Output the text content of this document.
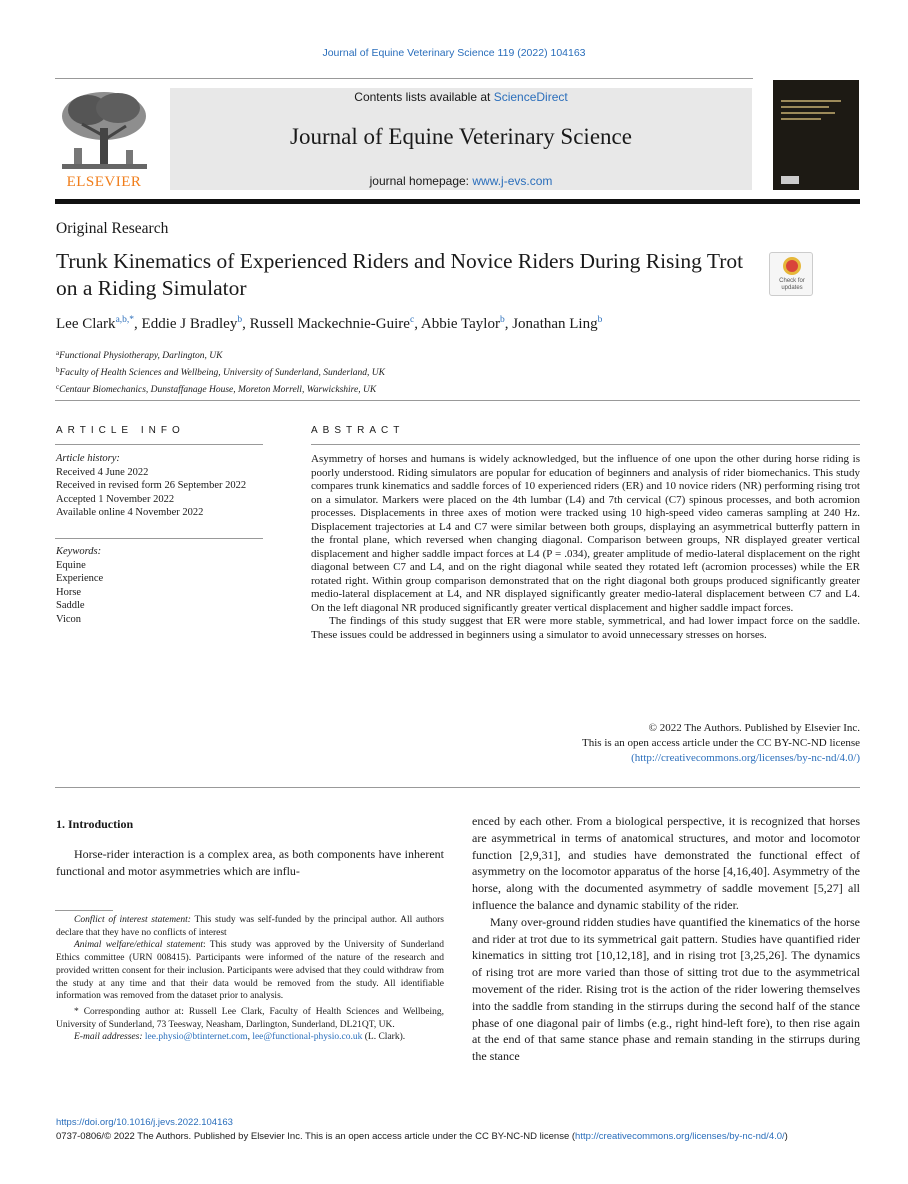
Journal of Equine Veterinary Science 119 (2022) 104163
ELSEVIER
Contents lists available at ScienceDirect
Journal of Equine Veterinary Science
journal homepage: www.j-evs.com
Original Research
Trunk Kinematics of Experienced Riders and Novice Riders During Rising Trot on a Riding Simulator	Check for updates
Lee Clark$^{a,b,*}$, Eddie J Bradley$^b$, Russell Mackechnie-Guire$^c$, Abbie Taylor$^b$, Jonathan Ling$^b$
$^a$Functional Physiotherapy, Darlington, UK
$^b$Faculty of Health Sciences and Wellbeing, University of Sunderland, Sunderland, UK
$^c$Centaur Biomechanics, Dunstaffanage House, Moreton Morrell, Warwickshire, UK
ARTICLE INFO	ABSTRACT
Article history:
Received 4 June 2022
Received in revised form 26 September 2022
Accepted 1 November 2022
Available online 4 November 2022
Keywords:
Equine
Experience
Horse
Saddle
Vicon

Asymmetry of horses and humans is widely acknowledged, but the influence of one upon the other during horse riding is poorly understood. Riding simulators are popular for education of beginners and analysis of rider biomechanics. This study compares trunk kinematics and saddle forces of 10 experienced riders (ER) and 10 novice riders (NR) performing rising trot on a simulator. Markers were placed on the 4th lumbar (L4) and 7th cervical (C7) spinous processes, and both acromion processes. Displacements in three axes of motion were tracked using 10 high-speed video cameras sampling at 240 Hz. Displacement trajectories at L4 and C7 were similar between both groups, displaying an asymmetrical butterfly pattern in the frontal plane, which reversed when changing diagonal. Comparison between groups, NR displayed greater vertical displacement and higher saddle impact forces at L4 (P = .034), greater amplitude of medio-lateral displacement on the right diagonal between C7 and L4, and on the right diagonal while seated they rotated left (acromion processes) while the ER rotated right. Within group comparison demonstrated that on the right diagonal both groups produced significantly greater medio-lateral displacement at L4, and NR displayed significantly greater medio-lateral displacement between C7 and L4. On the left diagonal NR produced significantly greater vertical displacement and higher saddle impact forces.

The findings of this study suggest that ER were more stable, symmetrical, and had lower impact force on the saddle. These issues could be addressed in beginners using a simulator to avoid unnecessary stresses on horses.

© 2022 The Authors. Published by Elsevier Inc.
This is an open access article under the CC BY-NC-ND license
(http://creativecommons.org/licenses/by-nc-nd/4.0/)
1. Introduction
Horse-rider interaction is a complex area, as both components have inherent functional and motor asymmetries which are influ-

Conflict of interest statement: This study was self-funded by the principal author. All authors declare that they have no conflicts of interest

Animal welfare/ethical statement: This study was approved by the University of Sunderland Ethics committee (URN 008415). Participants were informed of the nature of the research and provided written consent for their inclusion. Participants were advised that they could withdraw from the study at any time and that their data would be removed from the study. All identifiable information was removed from the dataset prior to analysis.

* Corresponding author at: Russell Lee Clark, Faculty of Health Sciences and Wellbeing, University of Sunderland, 73 Teesway, Neasham, Darlington, Sunderland, DL21QT, UK.

E-mail addresses: lee.physio@btinternet.com, lee@functional-physio.co.uk (L. Clark).

enced by each other. From a biological perspective, it is recognized that horses are asymmetrical in terms of anatomical structures, and motor and locomotor function [2,9,31], and studies have demonstrated the functional effect of asymmetry on the locomotor apparatus of the horse [4,16,40]. Asymmetry of the horse, along with the documented asymmetry of saddle movement [5,27] all influence the balance and dynamic stability of the rider.

Many over-ground ridden studies have quantified the kinematics of the horse and rider at trot due to its symmetrical gait pattern. Studies have quantified rider kinematics in sitting trot [10,12,18], and in rising trot [3,25,26]. The dynamics of rising trot are more varied than those of sitting trot due to the asymmetrical movement of the rider. Rising trot is the action of the rider lowering themselves into the saddle from standing in the stirrups during the second half of the stance phase of one diagonal pair of limbs (e.g., right hind-left fore), to then rise again at the end of that same stance phase and remain standing in the stirrups during the stance

https://doi.org/10.1016/j.jevs.2022.104163
0737-0806/© 2022 The Authors. Published by Elsevier Inc. This is an open access article under the CC BY-NC-ND license (http://creativecommons.org/licenses/by-nc-nd/4.0/)
